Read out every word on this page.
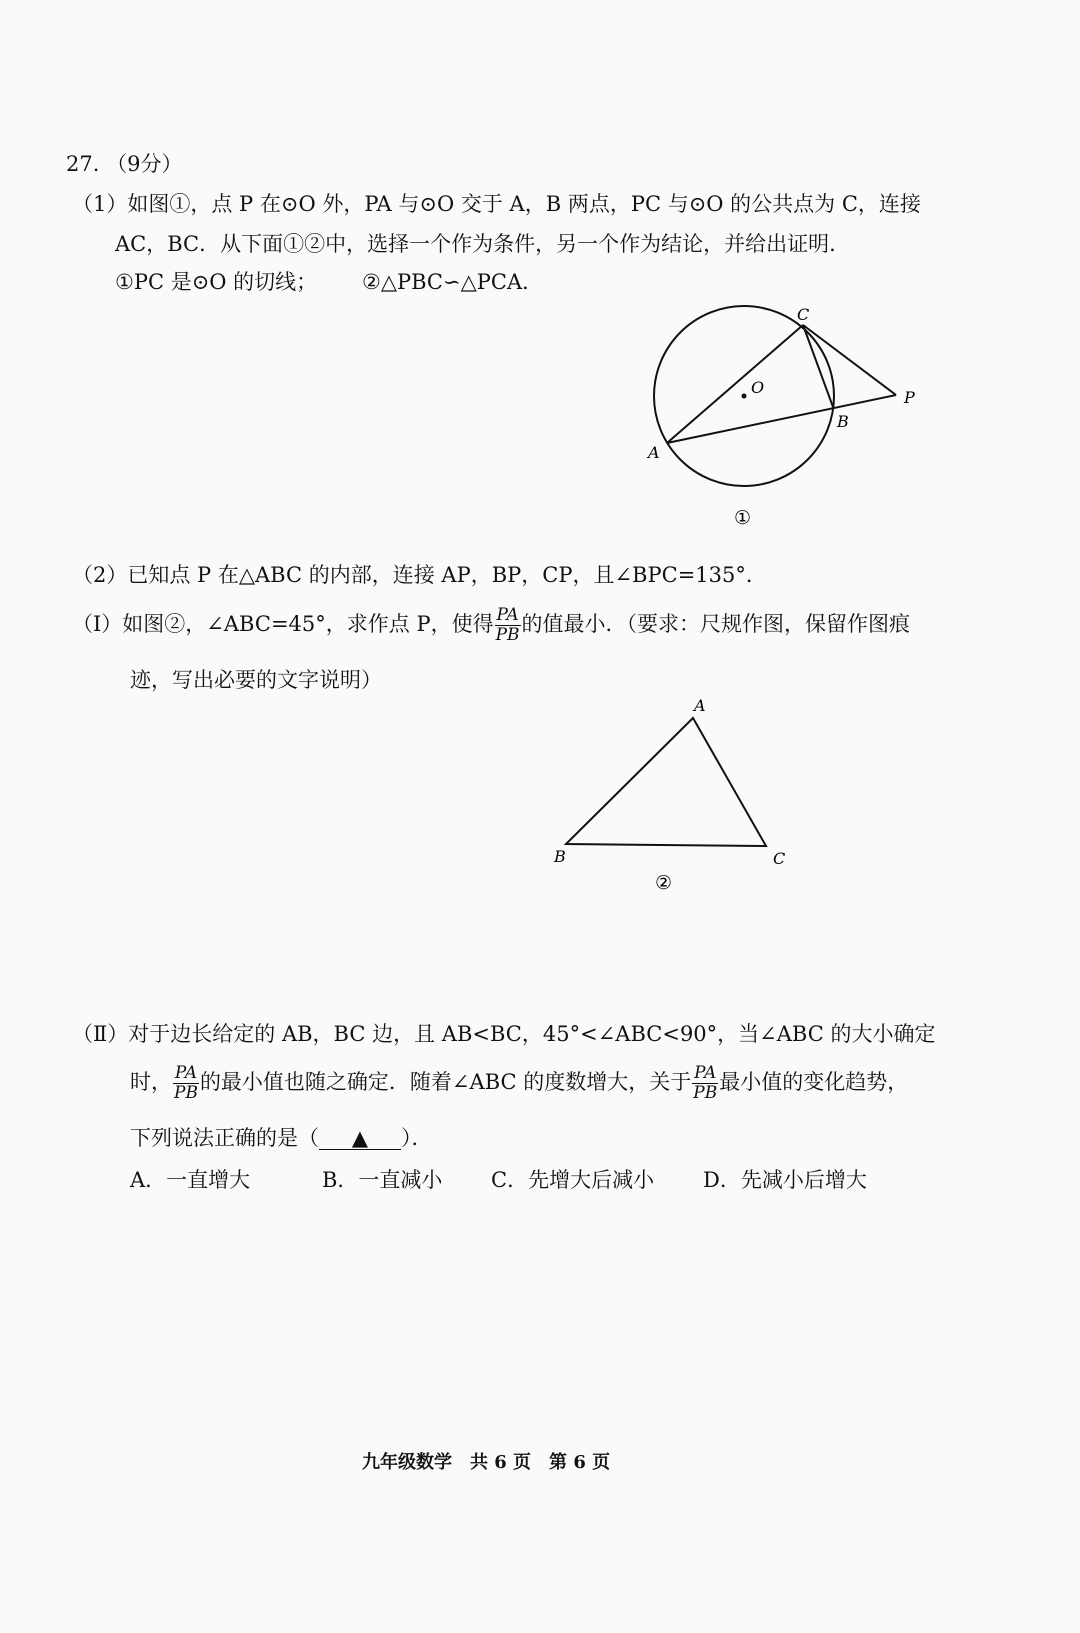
27. （9分）
（1）如图①，点 P 在⊙O 外，PA 与⊙O 交于 A，B 两点，PC 与⊙O 的公共点为 C，连接
AC，BC．从下面①②中，选择一个作为条件，另一个作为结论，并给出证明．
①PC 是⊙O 的切线； ②△PBC∽△PCA．
C
O
P
B
A
①
（2）已知点 P 在△ABC 的内部，连接 AP，BP，CP，且∠BPC=135°．
（Ⅰ）如图②，∠ABC=45°，求作点 P，使得 $\frac{PA}{PB}$ 的值最小．（要求：尺规作图，保留作图痕
迹，写出必要的文字说明）
A
B	C
②
（Ⅱ）对于边长给定的 AB，BC 边，且 AB<BC，45°<∠ABC<90°，当∠ABC 的大小确定
时， $\frac{PA}{PB}$ 的最小值也随之确定．随着∠ABC 的度数增大，关于 $\frac{PA}{PB}$ 最小值的变化趋势，
下列说法正确的是（ ▲ ）．
A．一直增大	B．一直减小 C．先增大后减小 D．先减小后增大
九年级数学　共 6 页　第 6 页
